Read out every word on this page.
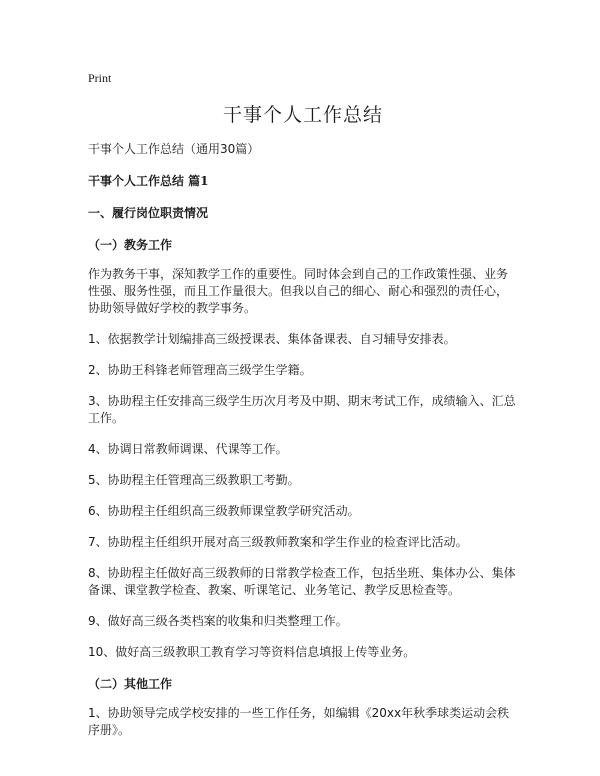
Print

干事个人工作总结

干事个人工作总结（通用30篇）

干事个人工作总结 篇1

一、履行岗位职责情况

（一）教务工作

作为教务干事，深知教学工作的重要性。同时体会到自己的工作政策性强、业务性强、服务性强，而且工作量很大。但我以自己的细心、耐心和强烈的责任心，协助领导做好学校的教学事务。

1、依据教学计划编排高三级授课表、集体备课表、自习辅导安排表。

2、协助王科锋老师管理高三级学生学籍。

3、协助程主任安排高三级学生历次月考及中期、期末考试工作，成绩输入、汇总工作。

4、协调日常教师调课、代课等工作。

5、协助程主任管理高三级教职工考勤。

6、协助程主任组织高三级教师课堂教学研究活动。

7、协助程主任组织开展对高三级教师教案和学生作业的检查评比活动。

8、协助程主任做好高三级教师的日常教学检查工作，包括坐班、集体办公、集体备课、课堂教学检查、教案、听课笔记、业务笔记、教学反思检查等。

9、做好高三级各类档案的收集和归类整理工作。

10、做好高三级教职工教育学习等资料信息填报上传等业务。

（二）其他工作

1、协助领导完成学校安排的一些工作任务，如编辑《20xx年秋季球类运动会秩序册》。
